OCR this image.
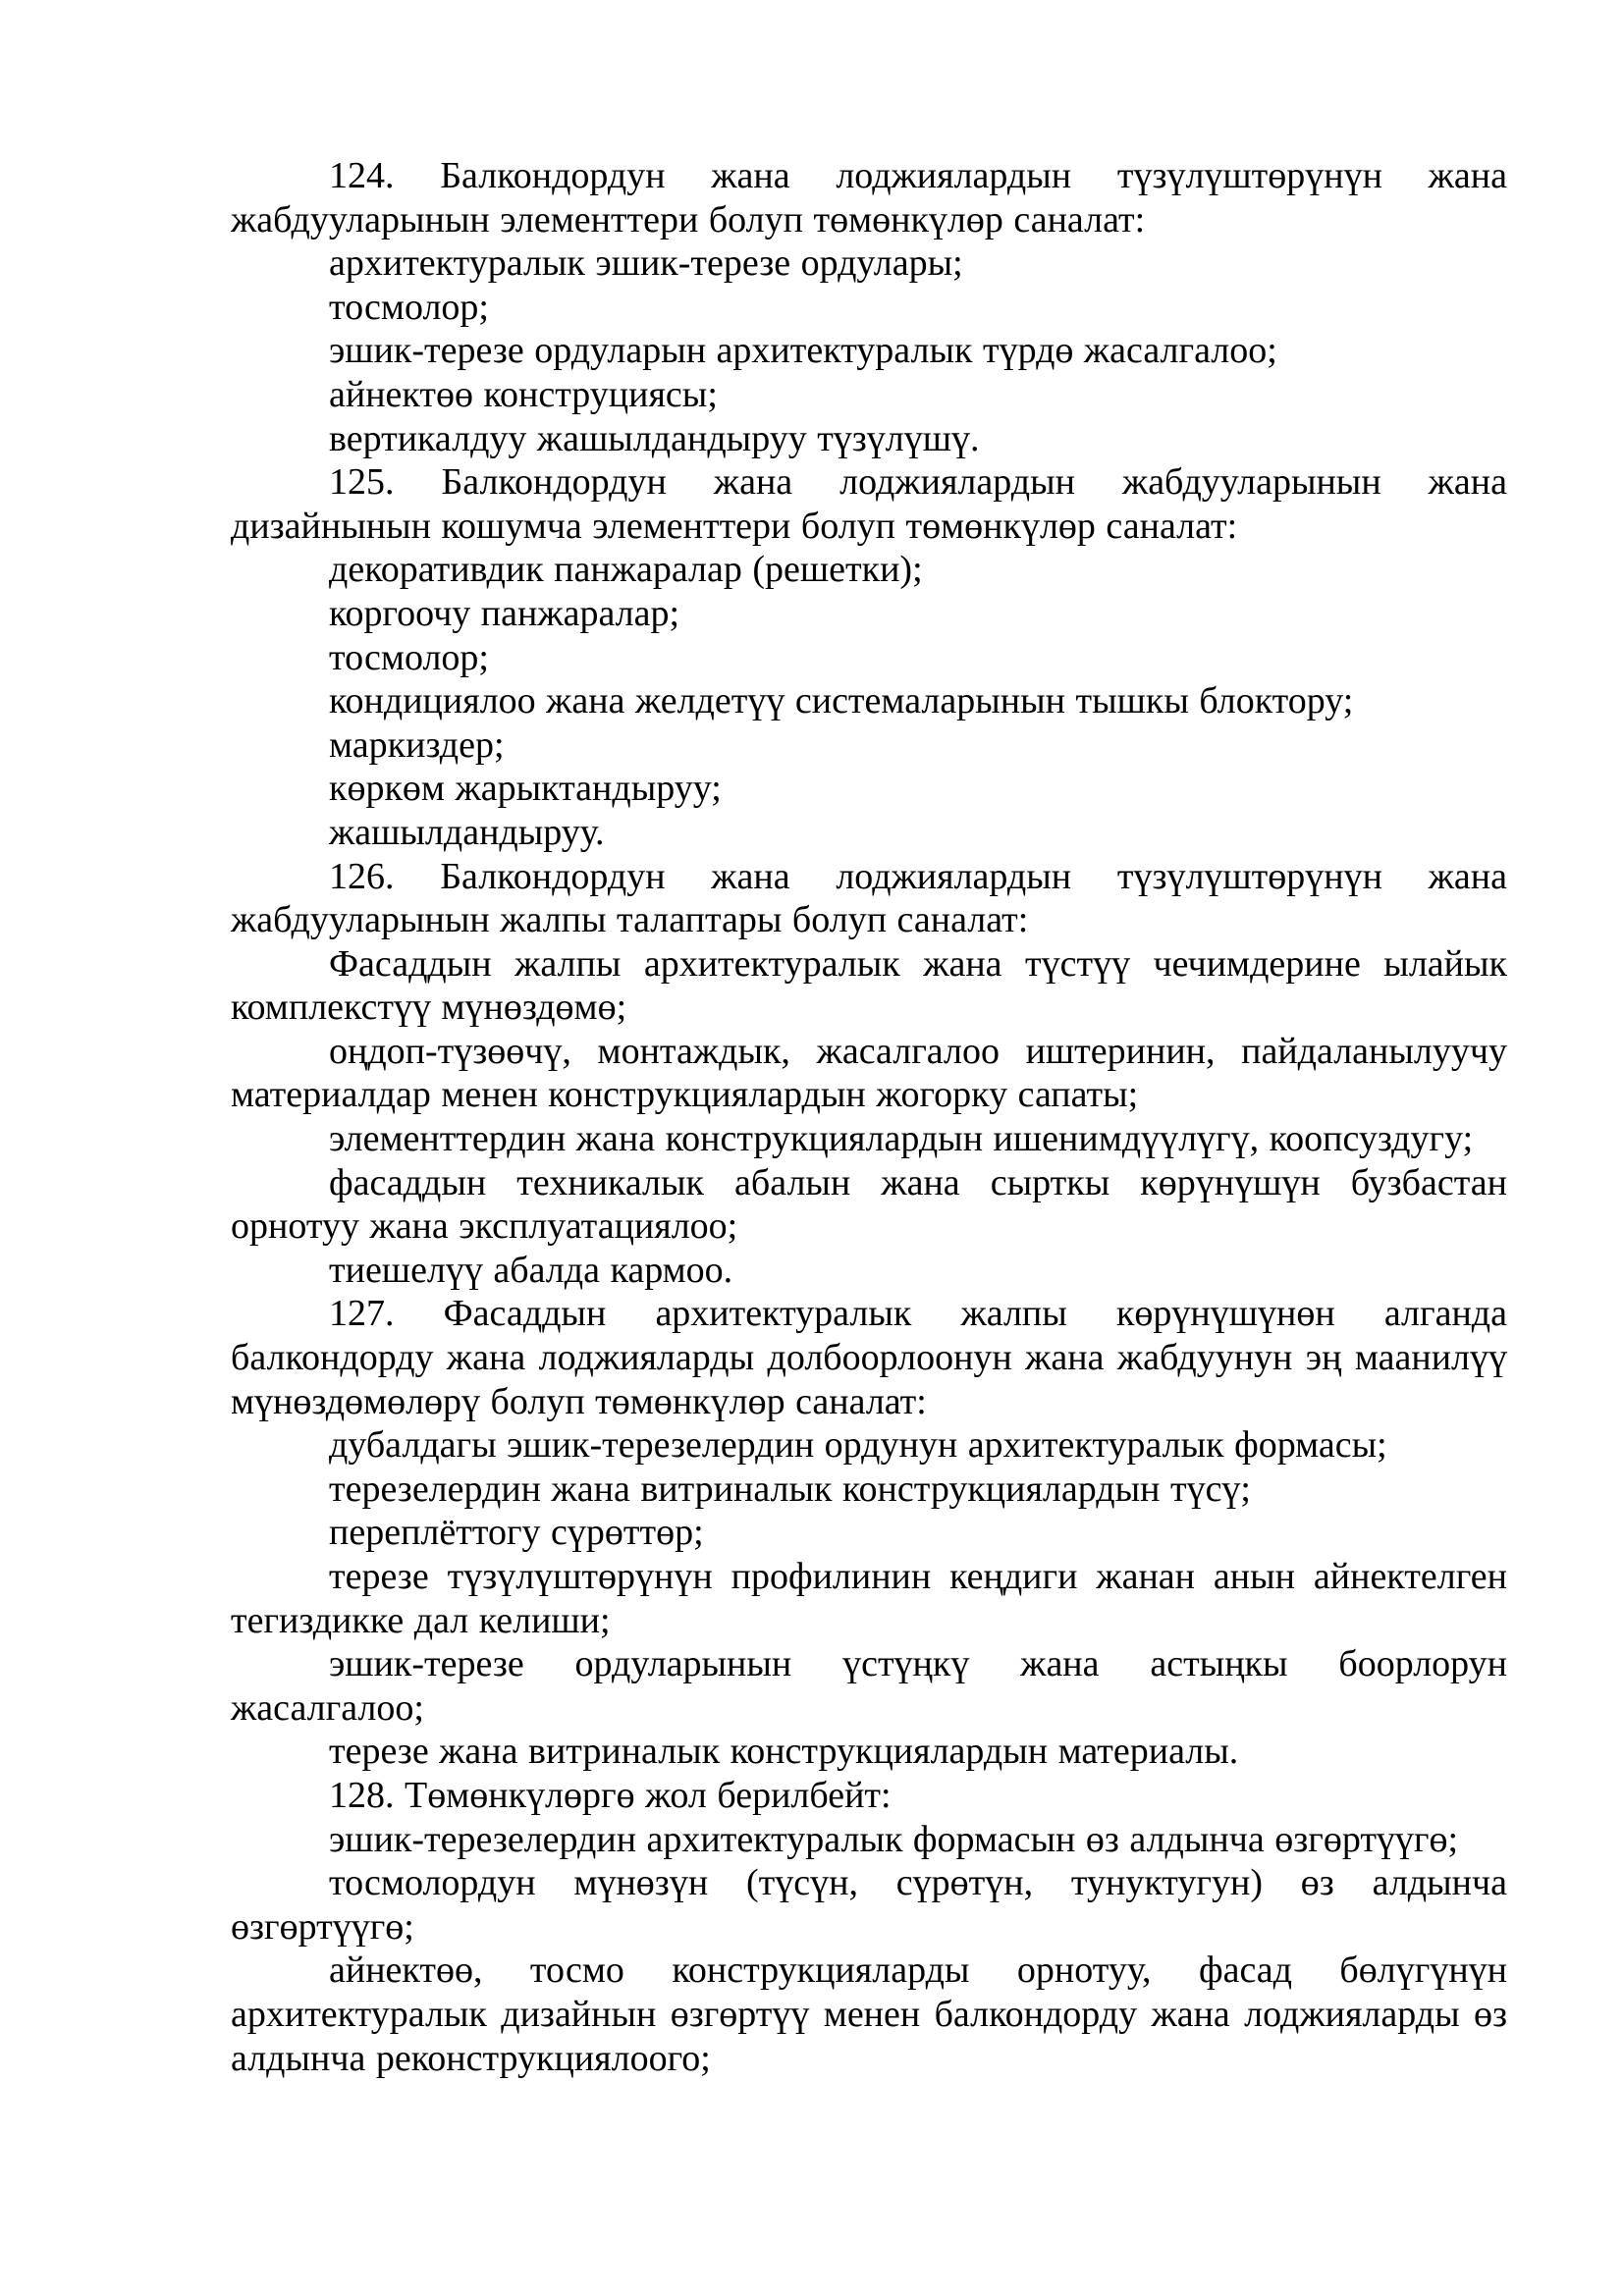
124. Балкондордун жана лоджиялардын түзүлүштөрүнүн жана жабдууларынын элементтери болуп төмөнкүлөр саналат:

архитектуралык эшик-терезе ордулары;

тосмолор;

эшик-терезе ордуларын архитектуралык түрдө жасалгалоо;

айнектөө конструциясы;

вертикалдуу жашылдандыруу түзүлүшү.

125. Балкондордун жана лоджиялардын жабдууларынын жана дизайнынын кошумча элементтери болуп төмөнкүлөр саналат:

декоративдик панжаралар (решетки);

коргоочу панжаралар;

тосмолор;

кондициялоо жана желдетүү системаларынын тышкы блоктору;

маркиздер;

көркөм жарыктандыруу;

жашылдандыруу.

126. Балкондордун жана лоджиялардын түзүлүштөрүнүн жана жабдууларынын жалпы талаптары болуп саналат:

Фасаддын жалпы архитектуралык жана түстүү чечимдерине ылайык комплекстүү мүнөздөмө;

оңдоп-түзөөчү, монтаждык, жасалгалоо иштеринин, пайдаланылуучу материалдар менен конструкциялардын жогорку сапаты;

элементтердин жана конструкциялардын ишенимдүүлүгү, коопсуздугу;

фасаддын техникалык абалын жана сырткы көрүнүшүн бузбастан орнотуу жана эксплуатациялоо;

тиешелүү абалда кармоо.

127. Фасаддын архитектуралык жалпы көрүнүшүнөн алганда балкондорду жана лоджияларды долбоорлоонун жана жабдуунун эң маанилүү мүнөздөмөлөрү болуп төмөнкүлөр саналат:

дубалдагы эшик-терезелердин ордунун архитектуралык формасы;

терезелердин жана витриналык конструкциялардын түсү;

переплёттогу сүрөттөр;

терезе түзүлүштөрүнүн профилинин кеңдиги жанан анын айнектелген тегиздикке дал келиши;

эшик-терезе ордуларынын үстүңкү жана астыңкы боорлорун жасалгалоо;

терезе жана витриналык конструкциялардын материалы.

128. Төмөнкүлөргө жол берилбейт:

эшик-терезелердин архитектуралык формасын өз алдынча өзгөртүүгө;

тосмолордун мүнөзүн (түсүн, сүрөтүн, тунуктугун) өз алдынча өзгөртүүгө;

айнектөө, тосмо конструкцияларды орнотуу, фасад бөлүгүнүн архитектуралык дизайнын өзгөртүү менен балкондорду жана лоджияларды өз алдынча реконструкциялоого;
